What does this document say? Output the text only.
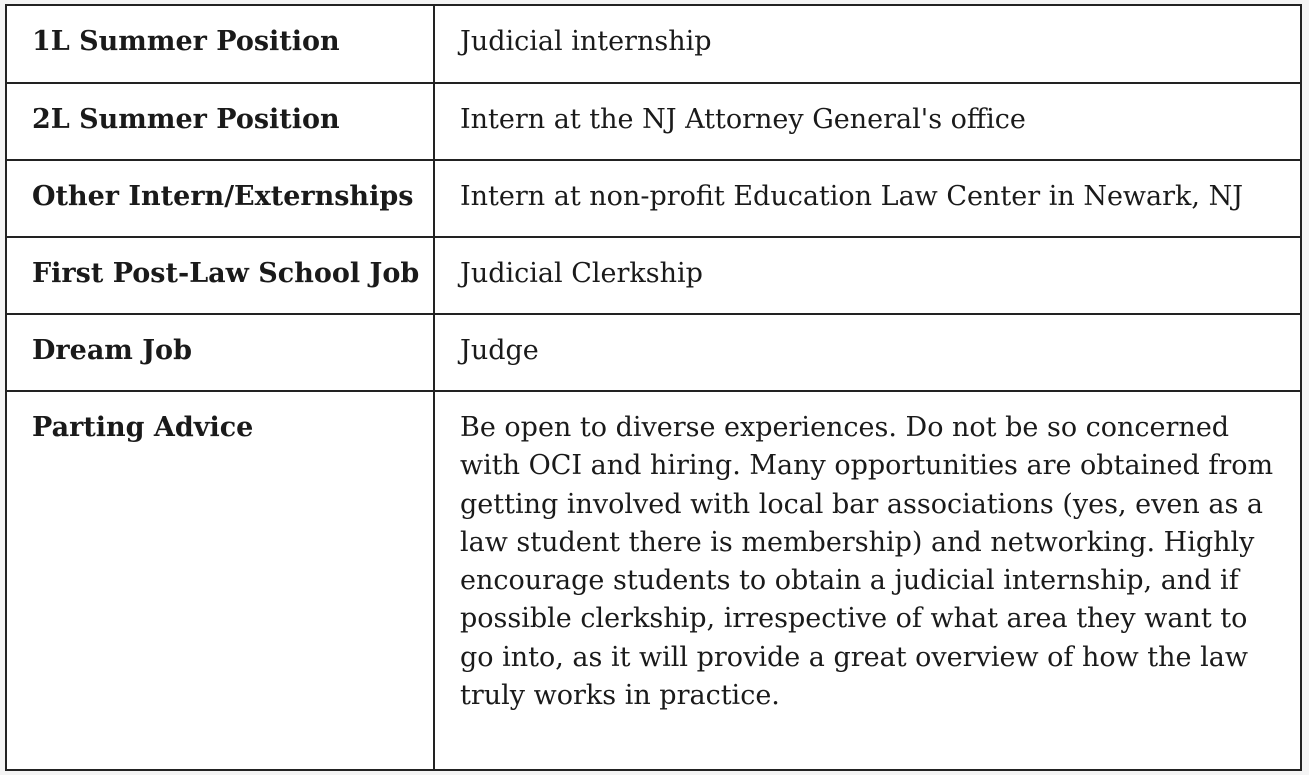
1L Summer Position	Judicial internship
2L Summer Position	Intern at the NJ Attorney General's office
Other Intern/Externships	Intern at non-profit Education Law Center in Newark, NJ
First Post-Law School Job	Judicial Clerkship
Dream Job	Judge
Parting Advice	Be open to diverse experiences. Do not be so concerned with OCI and hiring. Many opportunities are obtained from getting involved with local bar associations (yes, even as a law student there is membership) and networking. Highly encourage students to obtain a judicial internship, and if possible clerkship, irrespective of what area they want to go into, as it will provide a great overview of how the law truly works in practice.
